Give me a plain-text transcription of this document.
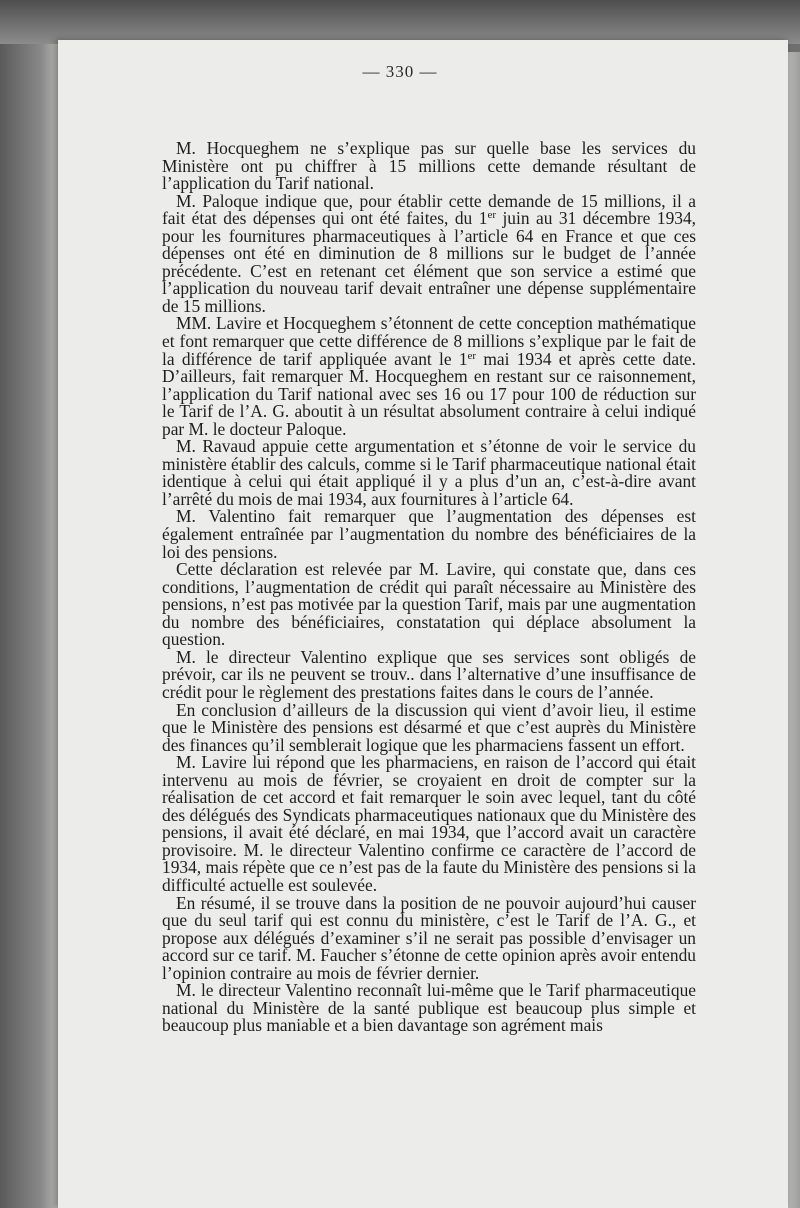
— 330 —

M. Hocqueghem ne s’explique pas sur quelle base les services du Ministère ont pu chiffrer à 15 millions cette demande résultant de l’application du Tarif national.

M. Paloque indique que, pour établir cette demande de 15 millions, il a fait état des dépenses qui ont été faites, du 1er juin au 31 décembre 1934, pour les fournitures pharmaceutiques à l’article 64 en France et que ces dépenses ont été en diminution de 8 millions sur le budget de l’année précédente. C’est en retenant cet élément que son service a estimé que l’application du nouveau tarif devait entraîner une dépense supplémentaire de 15 millions.

MM. Lavire et Hocqueghem s’étonnent de cette conception mathématique et font remarquer que cette différence de 8 millions s’explique par le fait de la différence de tarif appliquée avant le 1er mai 1934 et après cette date. D’ailleurs, fait remarquer M. Hocqueghem en restant sur ce raisonnement, l’application du Tarif national avec ses 16 ou 17 pour 100 de réduction sur le Tarif de l’A. G. aboutit à un résultat absolument contraire à celui indiqué par M. le docteur Paloque.

M. Ravaud appuie cette argumentation et s’étonne de voir le service du ministère établir des calculs, comme si le Tarif pharmaceutique national était identique à celui qui était appliqué il y a plus d’un an, c’est-à-dire avant l’arrêté du mois de mai 1934, aux fournitures à l’article 64.

M. Valentino fait remarquer que l’augmentation des dépenses est également entraînée par l’augmentation du nombre des bénéficiaires de la loi des pensions.

Cette déclaration est relevée par M. Lavire, qui constate que, dans ces conditions, l’augmentation de crédit qui paraît nécessaire au Ministère des pensions, n’est pas motivée par la question Tarif, mais par une augmentation du nombre des bénéficiaires, constatation qui déplace absolument la question.

M. le directeur Valentino explique que ses services sont obligés de prévoir, car ils ne peuvent se trouv.. dans l’alternative d’une insuffisance de crédit pour le règlement des prestations faites dans le cours de l’année.

En conclusion d’ailleurs de la discussion qui vient d’avoir lieu, il estime que le Ministère des pensions est désarmé et que c’est auprès du Ministère des finances qu’il semblerait logique que les pharmaciens fassent un effort.

M. Lavire lui répond que les pharmaciens, en raison de l’accord qui était intervenu au mois de février, se croyaient en droit de compter sur la réalisation de cet accord et fait remarquer le soin avec lequel, tant du côté des délégués des Syndicats pharmaceutiques nationaux que du Ministère des pensions, il avait été déclaré, en mai 1934, que l’accord avait un caractère provisoire. M. le directeur Valentino confirme ce caractère de l’accord de 1934, mais répète que ce n’est pas de la faute du Ministère des pensions si la difficulté actuelle est soulevée.

En résumé, il se trouve dans la position de ne pouvoir aujourd’hui causer que du seul tarif qui est connu du ministère, c’est le Tarif de l’A. G., et propose aux délégués d’examiner s’il ne serait pas possible d’envisager un accord sur ce tarif. M. Faucher s’étonne de cette opinion après avoir entendu l’opinion contraire au mois de février dernier.

M. le directeur Valentino reconnaît lui-même que le Tarif pharmaceutique national du Ministère de la santé publique est beaucoup plus simple et beaucoup plus maniable et a bien davantage son agrément mais
